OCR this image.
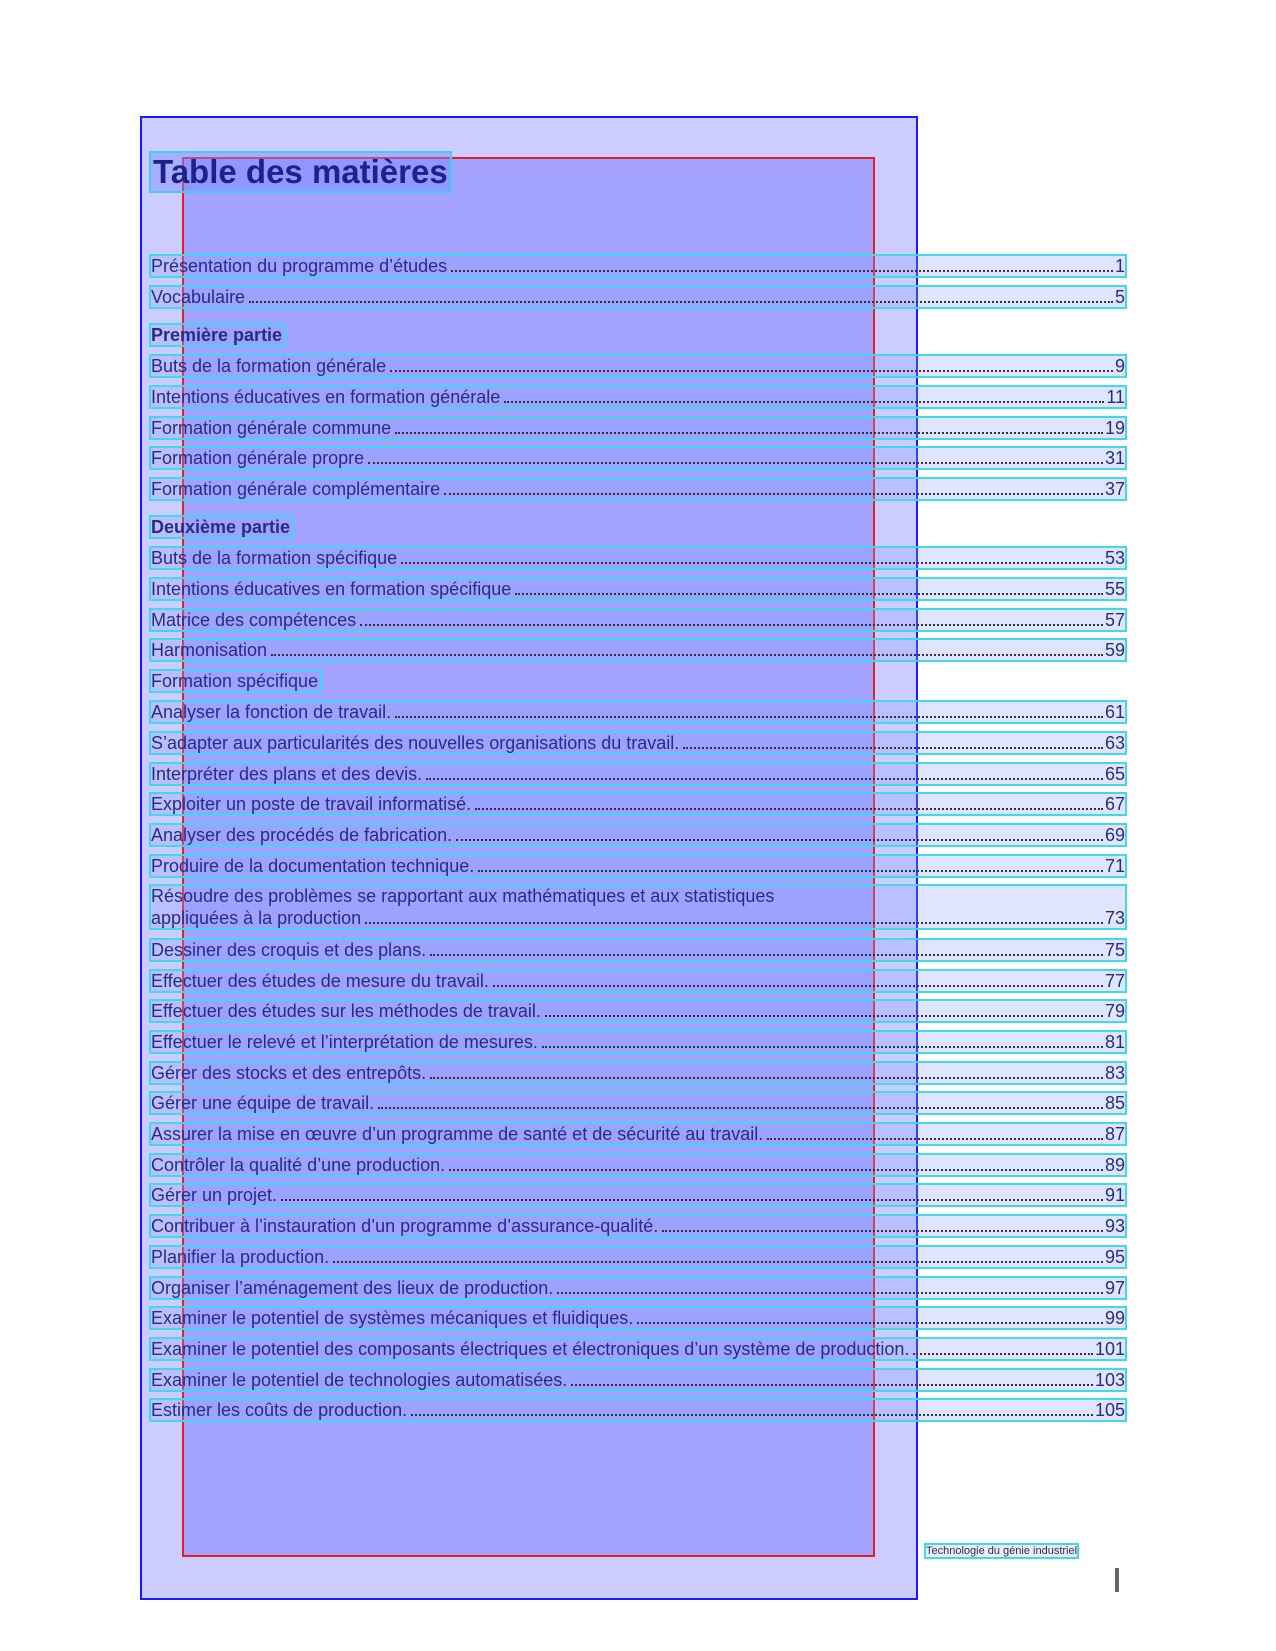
Table des matières
Présentation du programme d’études	1
Vocabulaire	5
Première partie
Buts de la formation générale	9
Intentions éducatives en formation générale	11
Formation générale commune	19
Formation générale propre	31
Formation générale complémentaire	37
Deuxième partie
Buts de la formation spécifique	53
Intentions éducatives en formation spécifique	55
Matrice des compétences	57
Harmonisation	59
Formation spécifique
Analyser la fonction de travail.	61
S’adapter aux particularités des nouvelles organisations du travail.	63
Interpréter des plans et des devis.	65
Exploiter un poste de travail informatisé.	67
Analyser des procédés de fabrication.	69
Produire de la documentation technique.	71
Résoudre des problèmes se rapportant aux mathématiques et aux statistiques
appliquées à la production	73
Dessiner des croquis et des plans.	75
Effectuer des études de mesure du travail.	77
Effectuer des études sur les méthodes de travail.	79
Effectuer le relevé et l’interprétation de mesures.	81
Gérer des stocks et des entrepôts.	83
Gérer une équipe de travail.	85
Assurer la mise en œuvre d’un programme de santé et de sécurité au travail.	87
Contrôler la qualité d’une production.	89
Gérer un projet.	91
Contribuer à l’instauration d’un programme d’assurance-qualité.	93
Planifier la production.	95
Organiser l’aménagement des lieux de production.	97
Examiner le potentiel de systèmes mécaniques et fluidiques.	99
Examiner le potentiel des composants électriques et électroniques d’un système de production.	101
Examiner le potentiel de technologies automatisées.	103
Estimer les coûts de production.	105
Technologie du génie industriel
